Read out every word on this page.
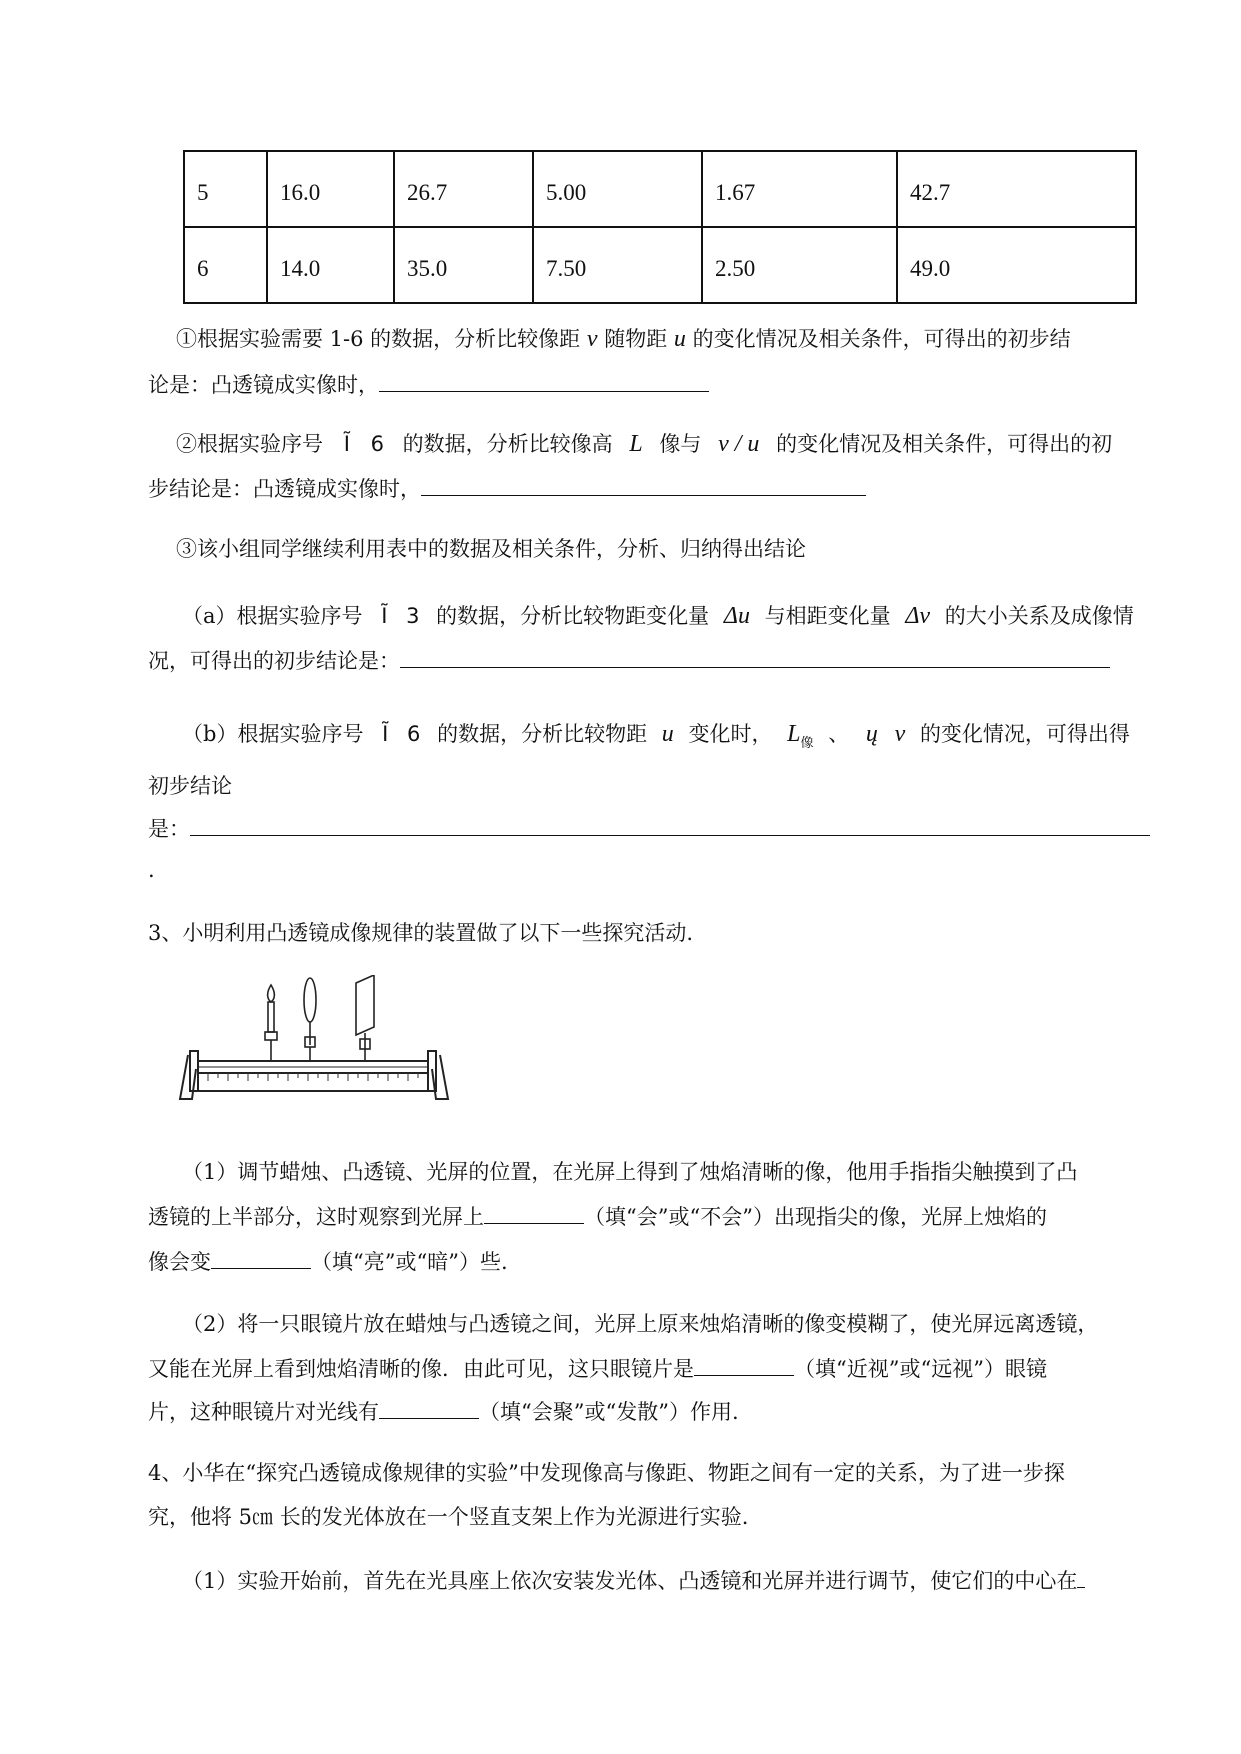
5	16.0	26.7	5.00	1.67	42.7
6	14.0	35.0	7.50	2.50	49.0
①根据实验需要 1-6 的数据，分析比较像距 v 随物距 u 的变化情况及相关条件，可得出的初步结
论是：凸透镜成实像时，
②根据实验序号 Ĩ 6 的数据，分析比较像高 L 像与 v / u 的变化情况及相关条件，可得出的初
步结论是：凸透镜成实像时，
③该小组同学继续利用表中的数据及相关条件，分析、归纳得出结论
（a）根据实验序号 Ĩ 3 的数据，分析比较物距变化量 Δu 与相距变化量 Δv 的大小关系及成像情
况，可得出的初步结论是：
（b）根据实验序号 Ĩ 6 的数据，分析比较物距 u 变化时， $L_像$ 、 ų v 的变化情况，可得出得
初步结论
是：
.
3、小明利用凸透镜成像规律的装置做了以下一些探究活动.
（1）调节蜡烛、凸透镜、光屏的位置，在光屏上得到了烛焰清晰的像，他用手指指尖触摸到了凸
透镜的上半部分，这时观察到光屏上	（填“会”或“不会”）出现指尖的像，光屏上烛焰的
像会变	（填“亮”或“暗”）些.
（2）将一只眼镜片放在蜡烛与凸透镜之间，光屏上原来烛焰清晰的像变模糊了，使光屏远离透镜，
又能在光屏上看到烛焰清晰的像．由此可见，这只眼镜片是	（填“近视”或“远视”）眼镜
片，这种眼镜片对光线有	（填“会聚”或“发散”）作用.
4、小华在“探究凸透镜成像规律的实验”中发现像高与像距、物距之间有一定的关系，为了进一步探
究，他将 5㎝ 长的发光体放在一个竖直支架上作为光源进行实验.
（1）实验开始前，首先在光具座上依次安装发光体、凸透镜和光屏并进行调节，使它们的中心在
